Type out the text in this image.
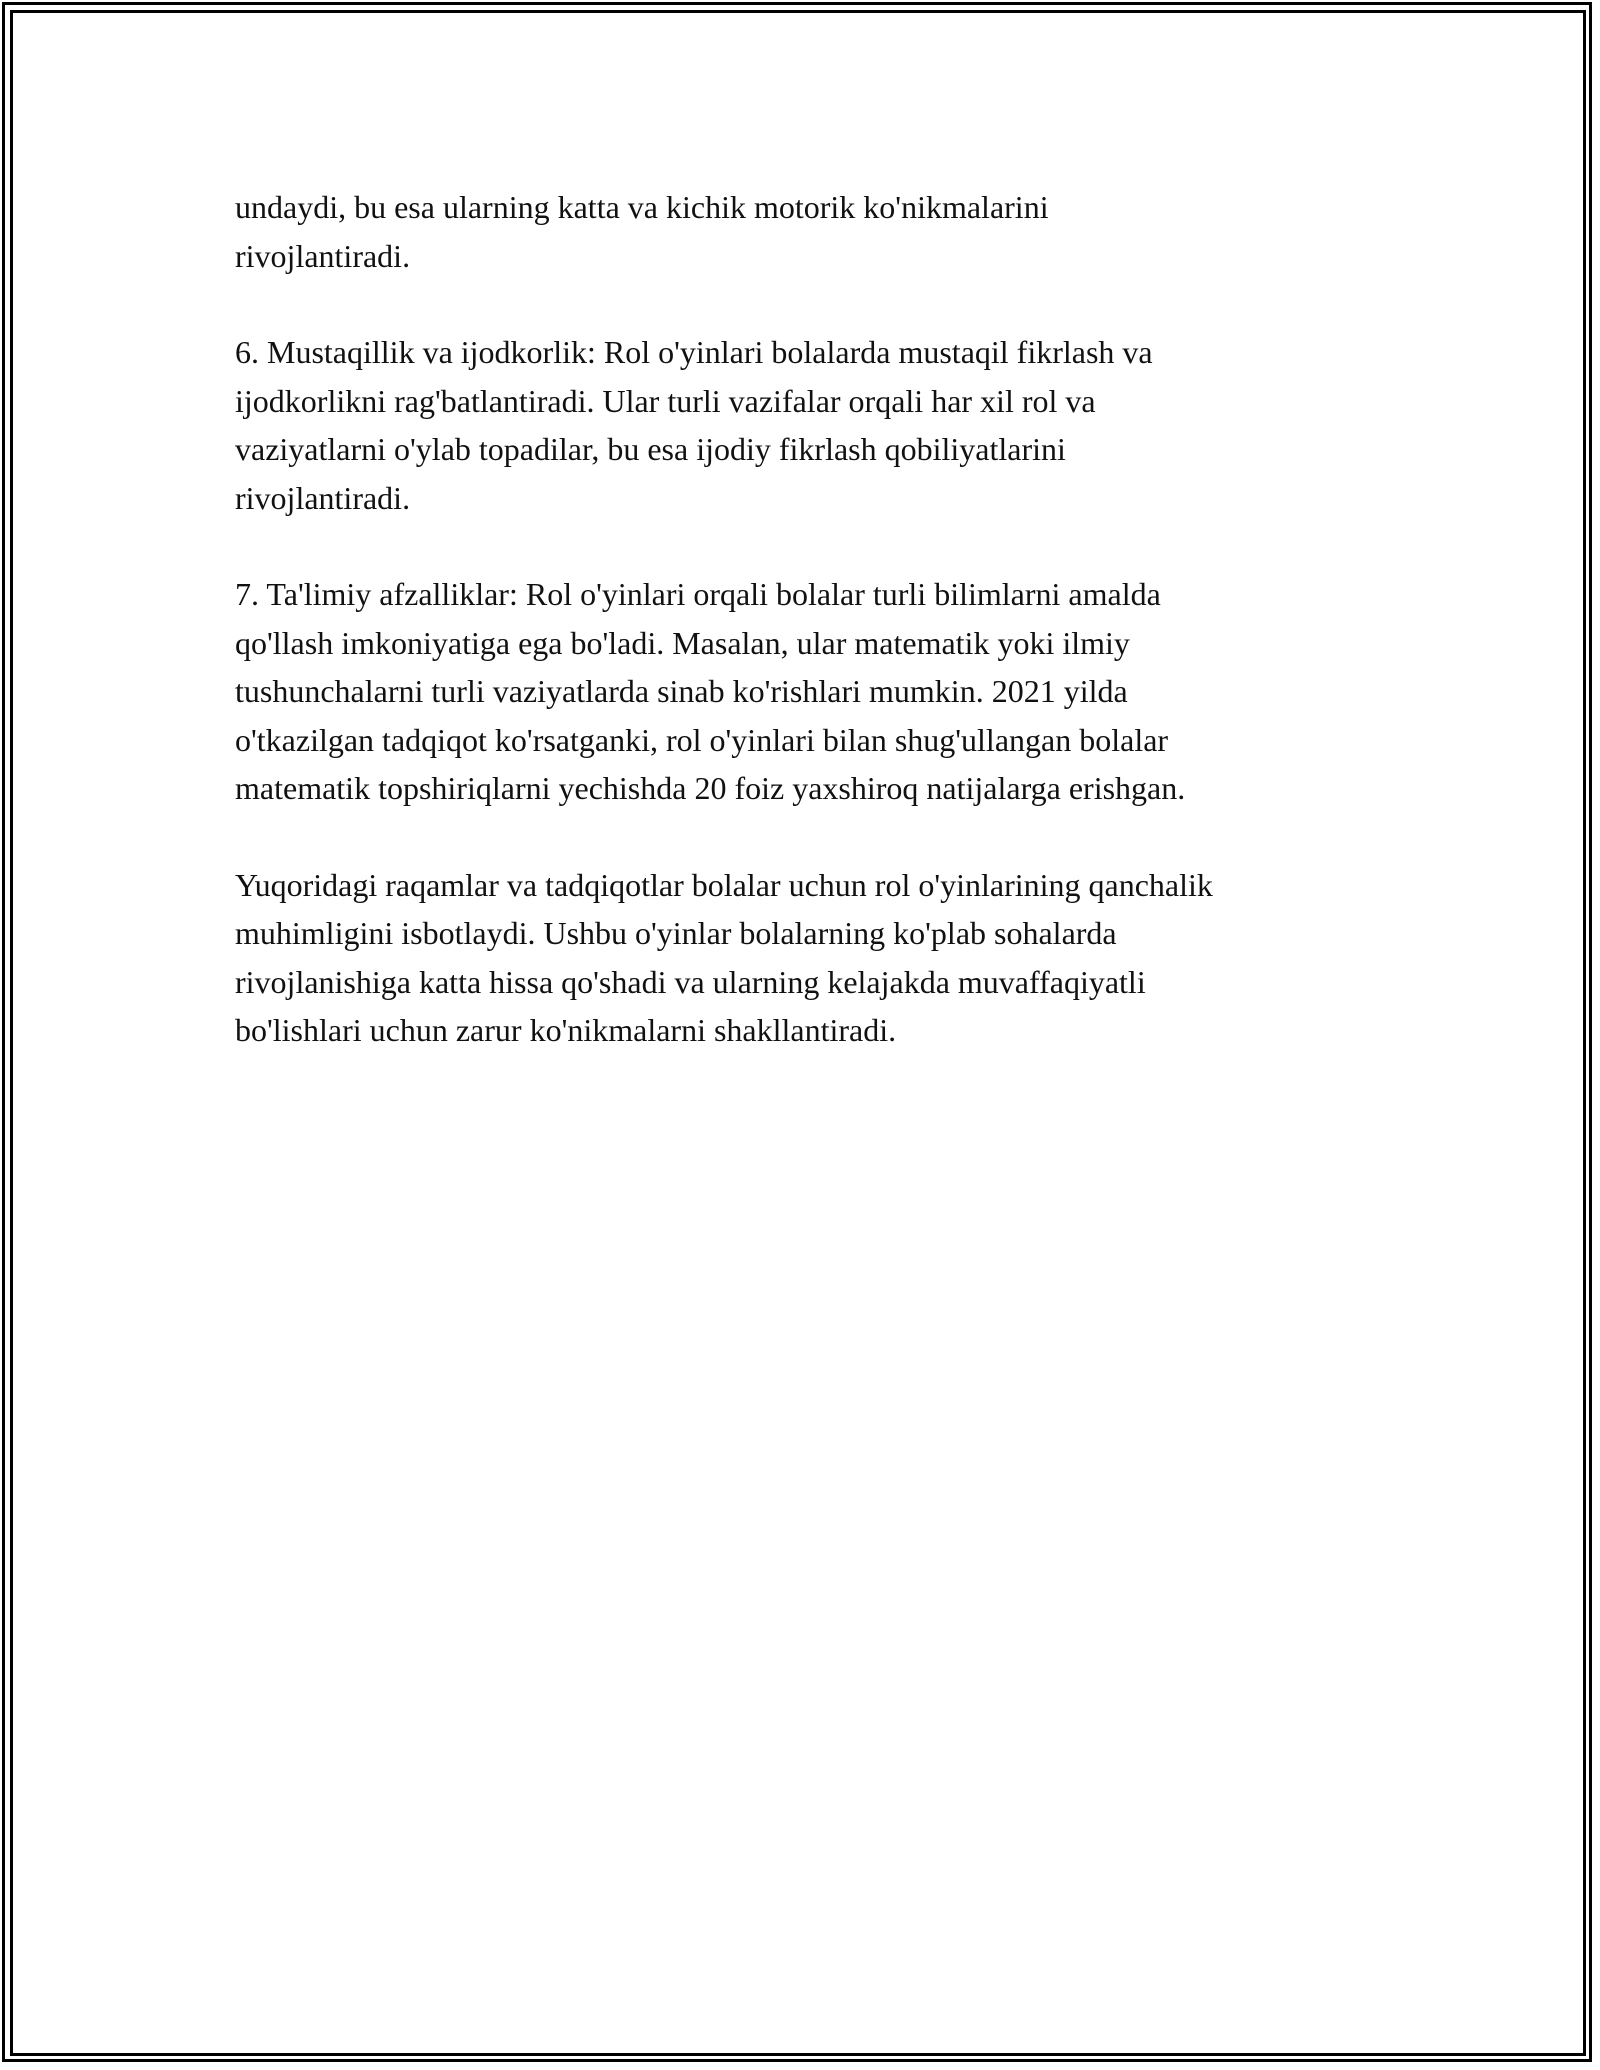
undaydi, bu esa ularning katta va kichik motorik ko'nikmalarini
rivojlantiradi.

6. Mustaqillik va ijodkorlik: Rol o'yinlari bolalarda mustaqil fikrlash va
ijodkorlikni rag'batlantiradi. Ular turli vazifalar orqali har xil rol va
vaziyatlarni o'ylab topadilar, bu esa ijodiy fikrlash qobiliyatlarini
rivojlantiradi.

7. Ta'limiy afzalliklar: Rol o'yinlari orqali bolalar turli bilimlarni amalda
qo'llash imkoniyatiga ega bo'ladi. Masalan, ular matematik yoki ilmiy
tushunchalarni turli vaziyatlarda sinab ko'rishlari mumkin. 2021 yilda
o'tkazilgan tadqiqot ko'rsatganki, rol o'yinlari bilan shug'ullangan bolalar
matematik topshiriqlarni yechishda 20 foiz yaxshiroq natijalarga erishgan.

Yuqoridagi raqamlar va tadqiqotlar bolalar uchun rol o'yinlarining qanchalik
muhimligini isbotlaydi. Ushbu o'yinlar bolalarning ko'plab sohalarda
rivojlanishiga katta hissa qo'shadi va ularning kelajakda muvaffaqiyatli
bo'lishlari uchun zarur ko'nikmalarni shakllantiradi.
